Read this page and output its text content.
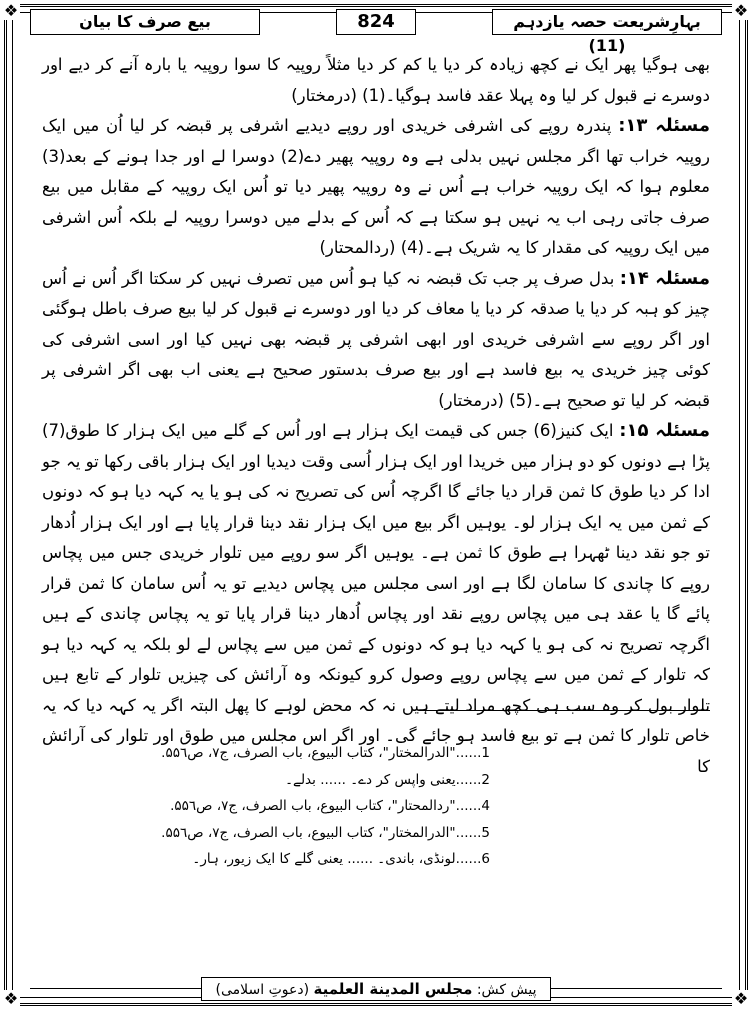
❖	❖
❖	❖
بہارِشریعت حصہ یازدہم (11)
824
بیع صرف کا بیان

بھی ہوگیا پھر ایک نے کچھ زیادہ کر دیا یا کم کر دیا مثلاً روپیہ کا سوا روپیہ یا بارہ آنے کر دیے اور دوسرے نے قبول کر لیا وہ پہلا عقد فاسد ہوگیا۔(1) (درمختار)

مسئلہ ۱۳: پندرہ روپے کی اشرفی خریدی اور روپے دیدیے اشرفی پر قبضہ کر لیا اُن میں ایک روپیہ خراب تھا اگر مجلس نہیں بدلی ہے وہ روپیہ پھیر دے(2) دوسرا لے اور جدا ہونے کے بعد(3) معلوم ہوا کہ ایک روپیہ خراب ہے اُس نے وہ روپیہ پھیر دیا تو اُس ایک روپیہ کے مقابل میں بیع صرف جاتی رہی اب یہ نہیں ہو سکتا ہے کہ اُس کے بدلے میں دوسرا روپیہ لے بلکہ اُس اشرفی میں ایک روپیہ کی مقدار کا یہ شریک ہے۔(4) (ردالمحتار)

مسئلہ ۱۴: بدل صرف پر جب تک قبضہ نہ کیا ہو اُس میں تصرف نہیں کر سکتا اگر اُس نے اُس چیز کو ہبہ کر دیا یا صدقہ کر دیا یا معاف کر دیا اور دوسرے نے قبول کر لیا بیع صرف باطل ہوگئی اور اگر روپے سے اشرفی خریدی اور ابھی اشرفی پر قبضہ بھی نہیں کیا اور اسی اشرفی کی کوئی چیز خریدی یہ بیع فاسد ہے اور بیع صرف بدستور صحیح ہے یعنی اب بھی اگر اشرفی پر قبضہ کر لیا تو صحیح ہے۔(5) (درمختار)

مسئلہ ۱۵: ایک کنیز(6) جس کی قیمت ایک ہزار ہے اور اُس کے گلے میں ایک ہزار کا طوق(7) پڑا ہے دونوں کو دو ہزار میں خریدا اور ایک ہزار اُسی وقت دیدیا اور ایک ہزار باقی رکھا تو یہ جو ادا کر دیا طوق کا ثمن قرار دیا جائے گا اگرچہ اُس کی تصریح نہ کی ہو یا یہ کہہ دیا ہو کہ دونوں کے ثمن میں یہ ایک ہزار لو۔ یوہیں اگر بیع میں ایک ہزار نقد دینا قرار پایا ہے اور ایک ہزار اُدھار تو جو نقد دینا ٹھہرا ہے طوق کا ثمن ہے۔ یوہیں اگر سو روپے میں تلوار خریدی جس میں پچاس روپے کا چاندی کا سامان لگا ہے اور اسی مجلس میں پچاس دیدیے تو یہ اُس سامان کا ثمن قرار پائے گا یا عقد ہی میں پچاس روپے نقد اور پچاس اُدھار دینا قرار پایا تو یہ پچاس چاندی کے ہیں اگرچہ تصریح نہ کی ہو یا کہہ دیا ہو کہ دونوں کے ثمن میں سے پچاس لے لو بلکہ یہ کہہ دیا ہو کہ تلوار کے ثمن میں سے پچاس روپے وصول کرو کیونکہ وہ آرائش کی چیزیں تلوار کے تابع ہیں تلوار بول کر وہ سب ہی کچھ مراد لیتے ہیں نہ کہ محض لوہے کا پھل البتہ اگر یہ کہہ دیا کہ یہ خاص تلوار کا ثمن ہے تو بیع فاسد ہو جائے گی۔ اور اگر اس مجلس میں طوق اور تلوار کی آرائش کا

1......"الدرالمختار"، كتاب البيوع، باب الصرف، ج۷، ص۵۵٦.
2......یعنی واپس کر دے۔ ...... بدلے۔
4......"ردالمحتار"، كتاب البيوع، باب الصرف، ج۷، ص۵۵٦.
5......"الدرالمختار"، كتاب البيوع، باب الصرف، ج۷، ص۵۵٦.
6......لونڈی، باندی۔ ...... یعنی گلے کا ایک زیور، ہار۔
پیش کش: مجلس المدينة العلمية (دعوتِ اسلامی)
